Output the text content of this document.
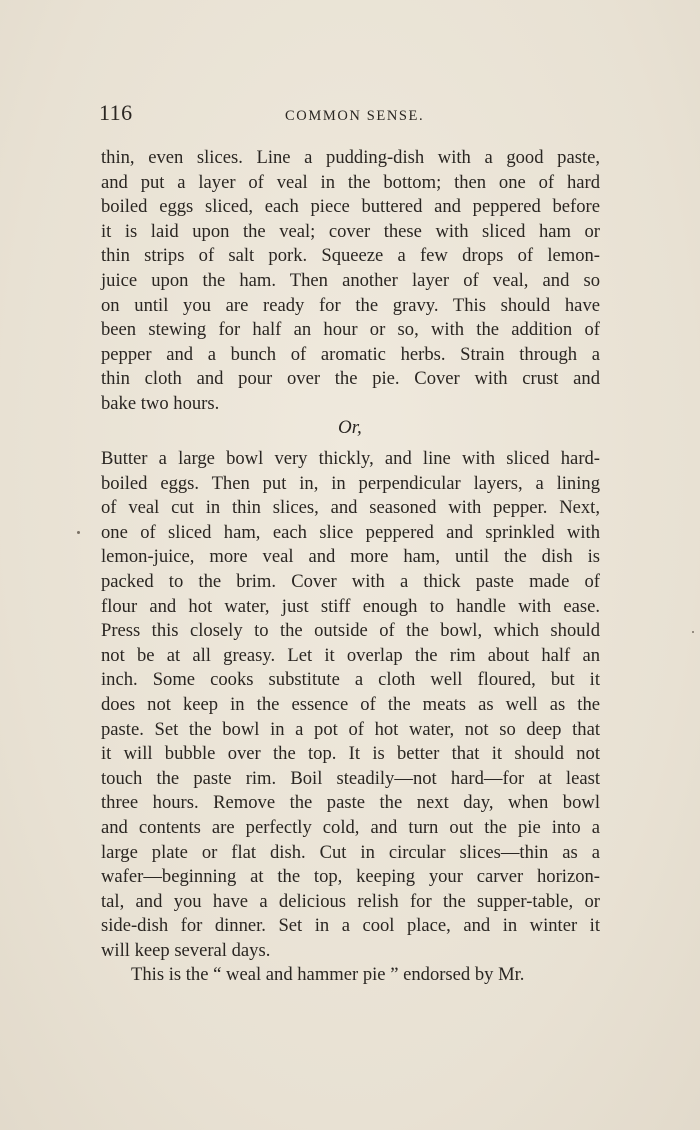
116	COMMON SENSE.
thin, even slices. Line a pudding-dish with a good paste,
and put a layer of veal in the bottom; then one of hard
boiled eggs sliced, each piece buttered and peppered before
it is laid upon the veal; cover these with sliced ham or
thin strips of salt pork. Squeeze a few drops of lemon-
juice upon the ham. Then another layer of veal, and so
on until you are ready for the gravy. This should have
been stewing for half an hour or so, with the addition of
pepper and a bunch of aromatic herbs. Strain through a
thin cloth and pour over the pie. Cover with crust and
bake two hours.
Or,
Butter a large bowl very thickly, and line with sliced hard-
boiled eggs. Then put in, in perpendicular layers, a lining
of veal cut in thin slices, and seasoned with pepper. Next,
one of sliced ham, each slice peppered and sprinkled with
lemon-juice, more veal and more ham, until the dish is
packed to the brim. Cover with a thick paste made of
flour and hot water, just stiff enough to handle with ease.
Press this closely to the outside of the bowl, which should
not be at all greasy. Let it overlap the rim about half an
inch. Some cooks substitute a cloth well floured, but it
does not keep in the essence of the meats as well as the
paste. Set the bowl in a pot of hot water, not so deep that
it will bubble over the top. It is better that it should not
touch the paste rim. Boil steadily—not hard—for at least
three hours. Remove the paste the next day, when bowl
and contents are perfectly cold, and turn out the pie into a
large plate or flat dish. Cut in circular slices—thin as a
wafer—beginning at the top, keeping your carver horizon-
tal, and you have a delicious relish for the supper-table, or
side-dish for dinner. Set in a cool place, and in winter it
will keep several days.
This is the “ weal and hammer pie ” endorsed by Mr.
